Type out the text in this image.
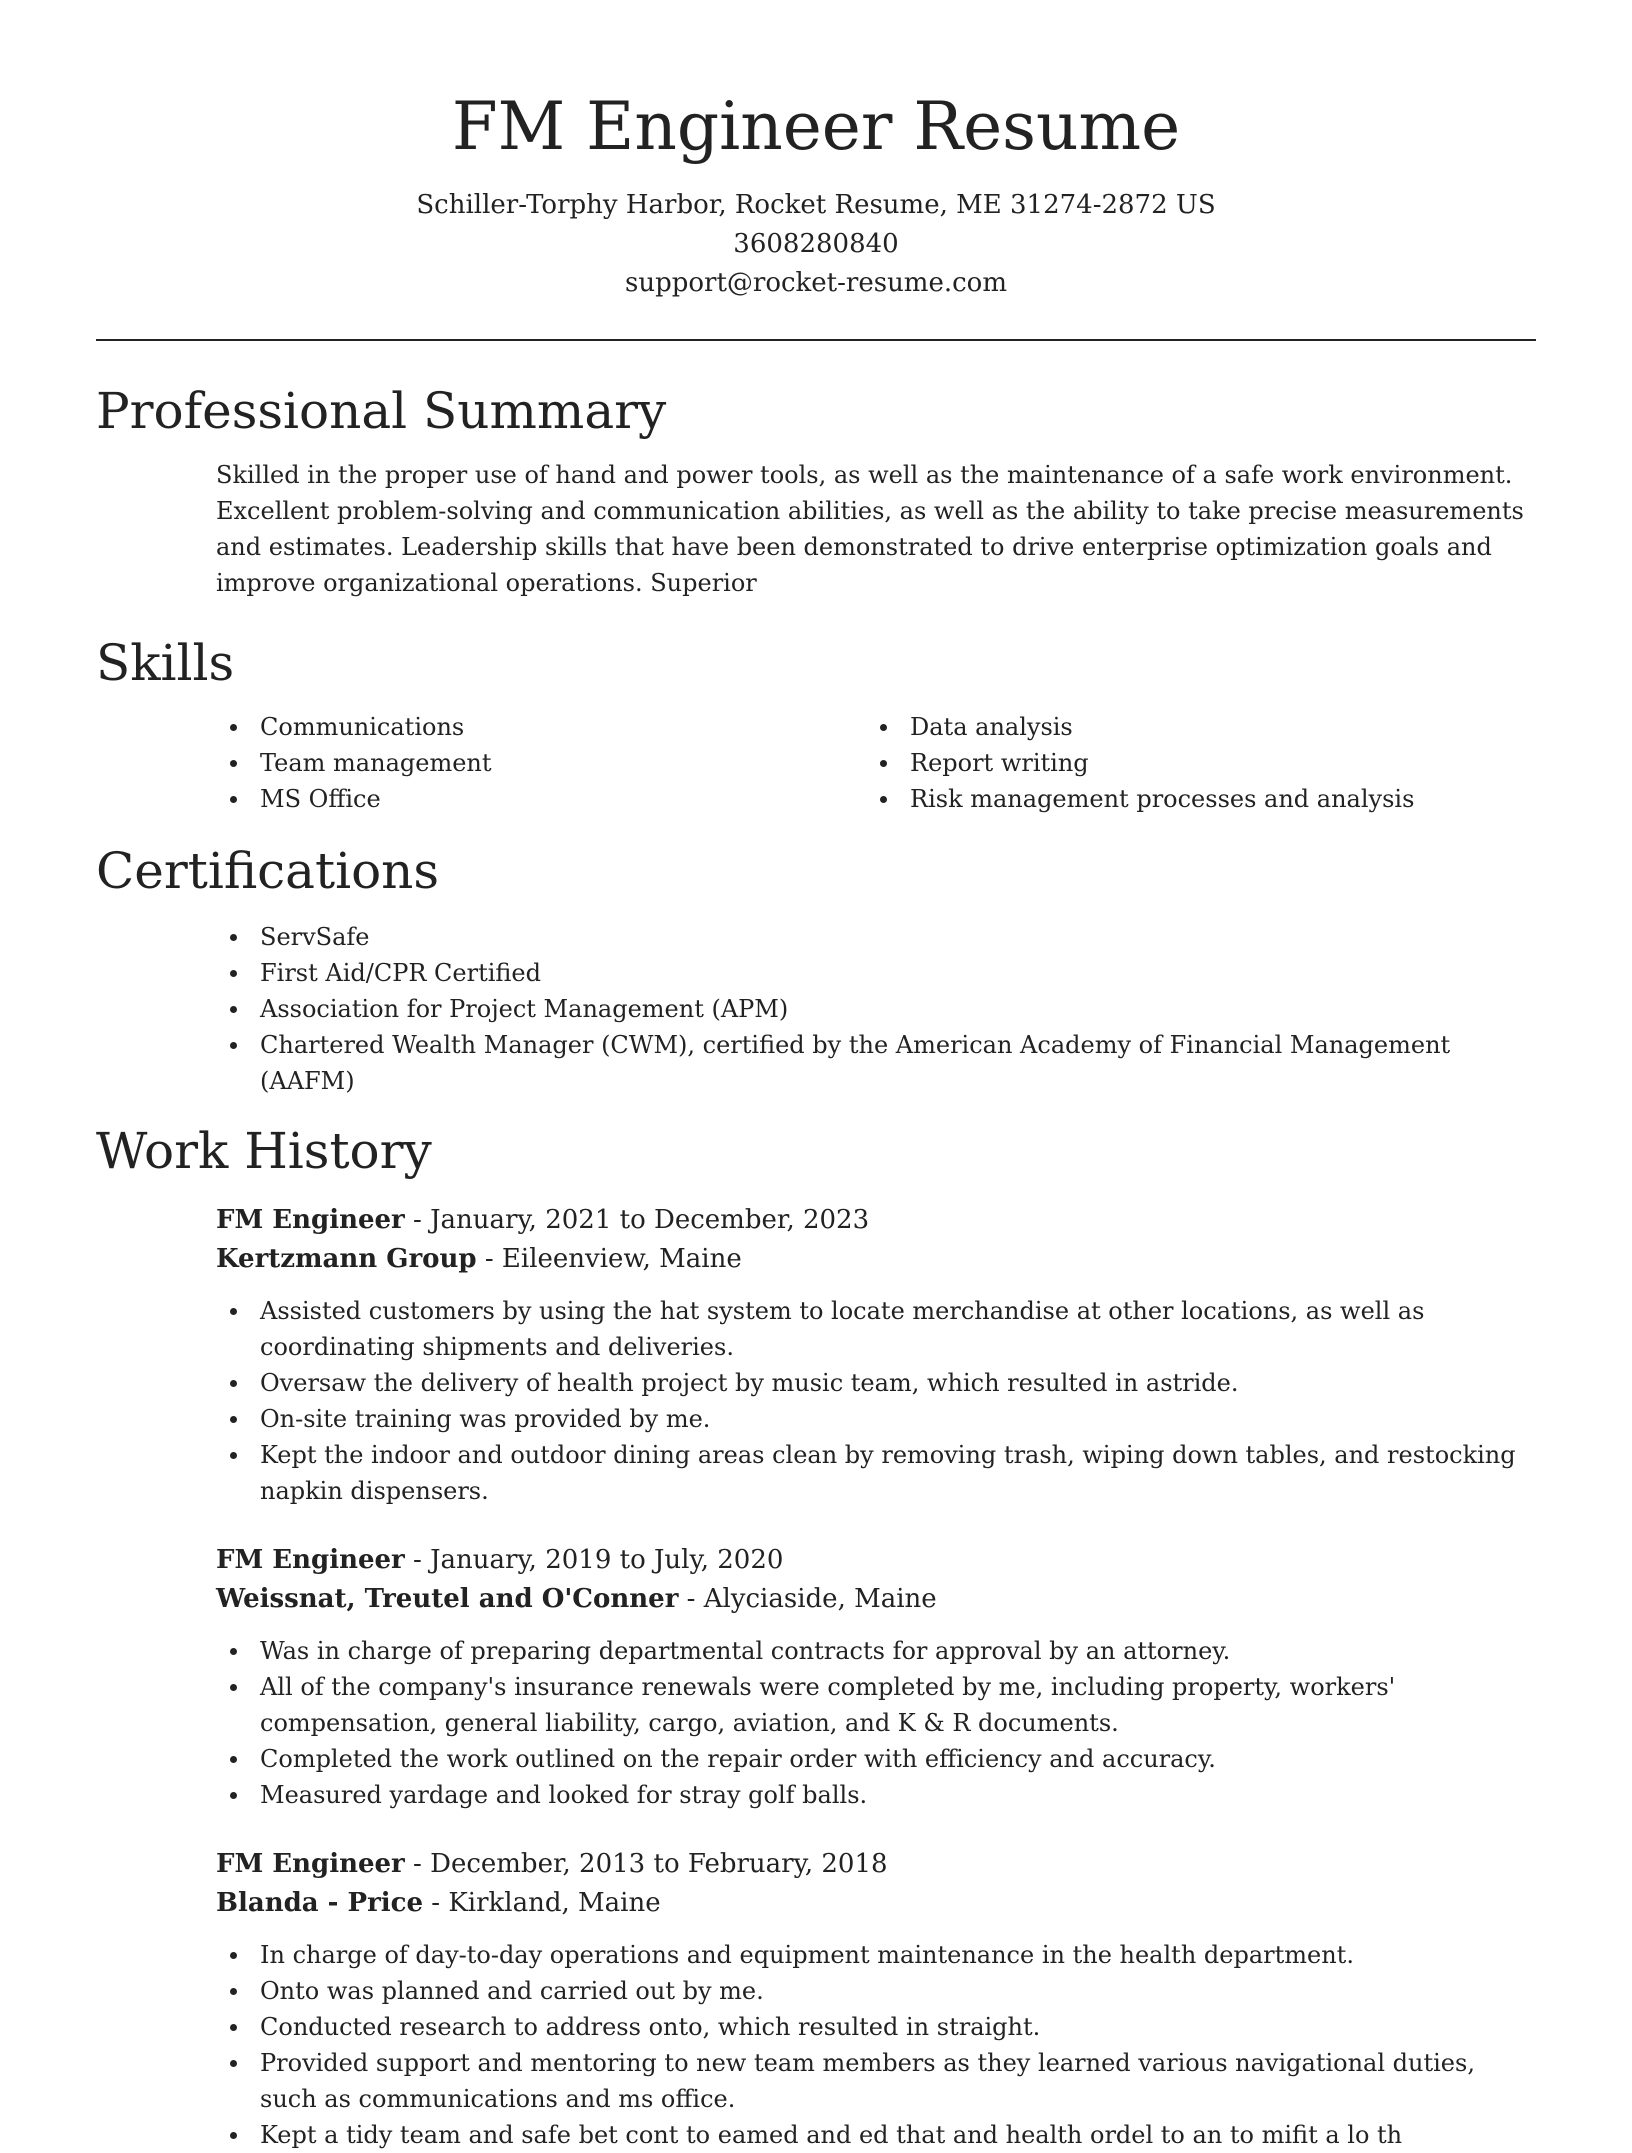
FM Engineer Resume

Schiller-Torphy Harbor, Rocket Resume, ME 31274-2872 US

3608280840

support@rocket-resume.com

Professional Summary

Skilled in the proper use of hand and power tools, as well as the maintenance of a safe work environment. Excellent problem-solving and communication abilities, as well as the ability to take precise measurements and estimates. Leadership skills that have been demonstrated to drive enterprise optimization goals and improve organizational operations. Superior

Skills
Communications
Team management
MS Office
Data analysis
Report writing
Risk management processes and analysis
Certifications
ServSafe
First Aid/CPR Certified
Association for Project Management (APM)
Chartered Wealth Manager (CWM), certified by the American Academy of Financial Management (AAFM)
Work History

FM Engineer - January, 2021 to December, 2023

Kertzmann Group - Eileenview, Maine

Assisted customers by using the hat system to locate merchandise at other locations, as well as coordinating shipments and deliveries.
Oversaw the delivery of health project by music team, which resulted in astride.
On-site training was provided by me.
Kept the indoor and outdoor dining areas clean by removing trash, wiping down tables, and restocking napkin dispensers.

FM Engineer - January, 2019 to July, 2020

Weissnat, Treutel and O'Conner - Alyciaside, Maine

Was in charge of preparing departmental contracts for approval by an attorney.
All of the company's insurance renewals were completed by me, including property, workers' compensation, general liability, cargo, aviation, and K & R documents.
Completed the work outlined on the repair order with efficiency and accuracy.
Measured yardage and looked for stray golf balls.

FM Engineer - December, 2013 to February, 2018

Blanda - Price - Kirkland, Maine

In charge of day-to-day operations and equipment maintenance in the health department.
Onto was planned and carried out by me.
Conducted research to address onto, which resulted in straight.
Provided support and mentoring to new team members as they learned various navigational duties, such as communications and ms office.
Kept a tidy team and safe bet cont to eamed and ed that and health ordel to an to mifit a lo th
